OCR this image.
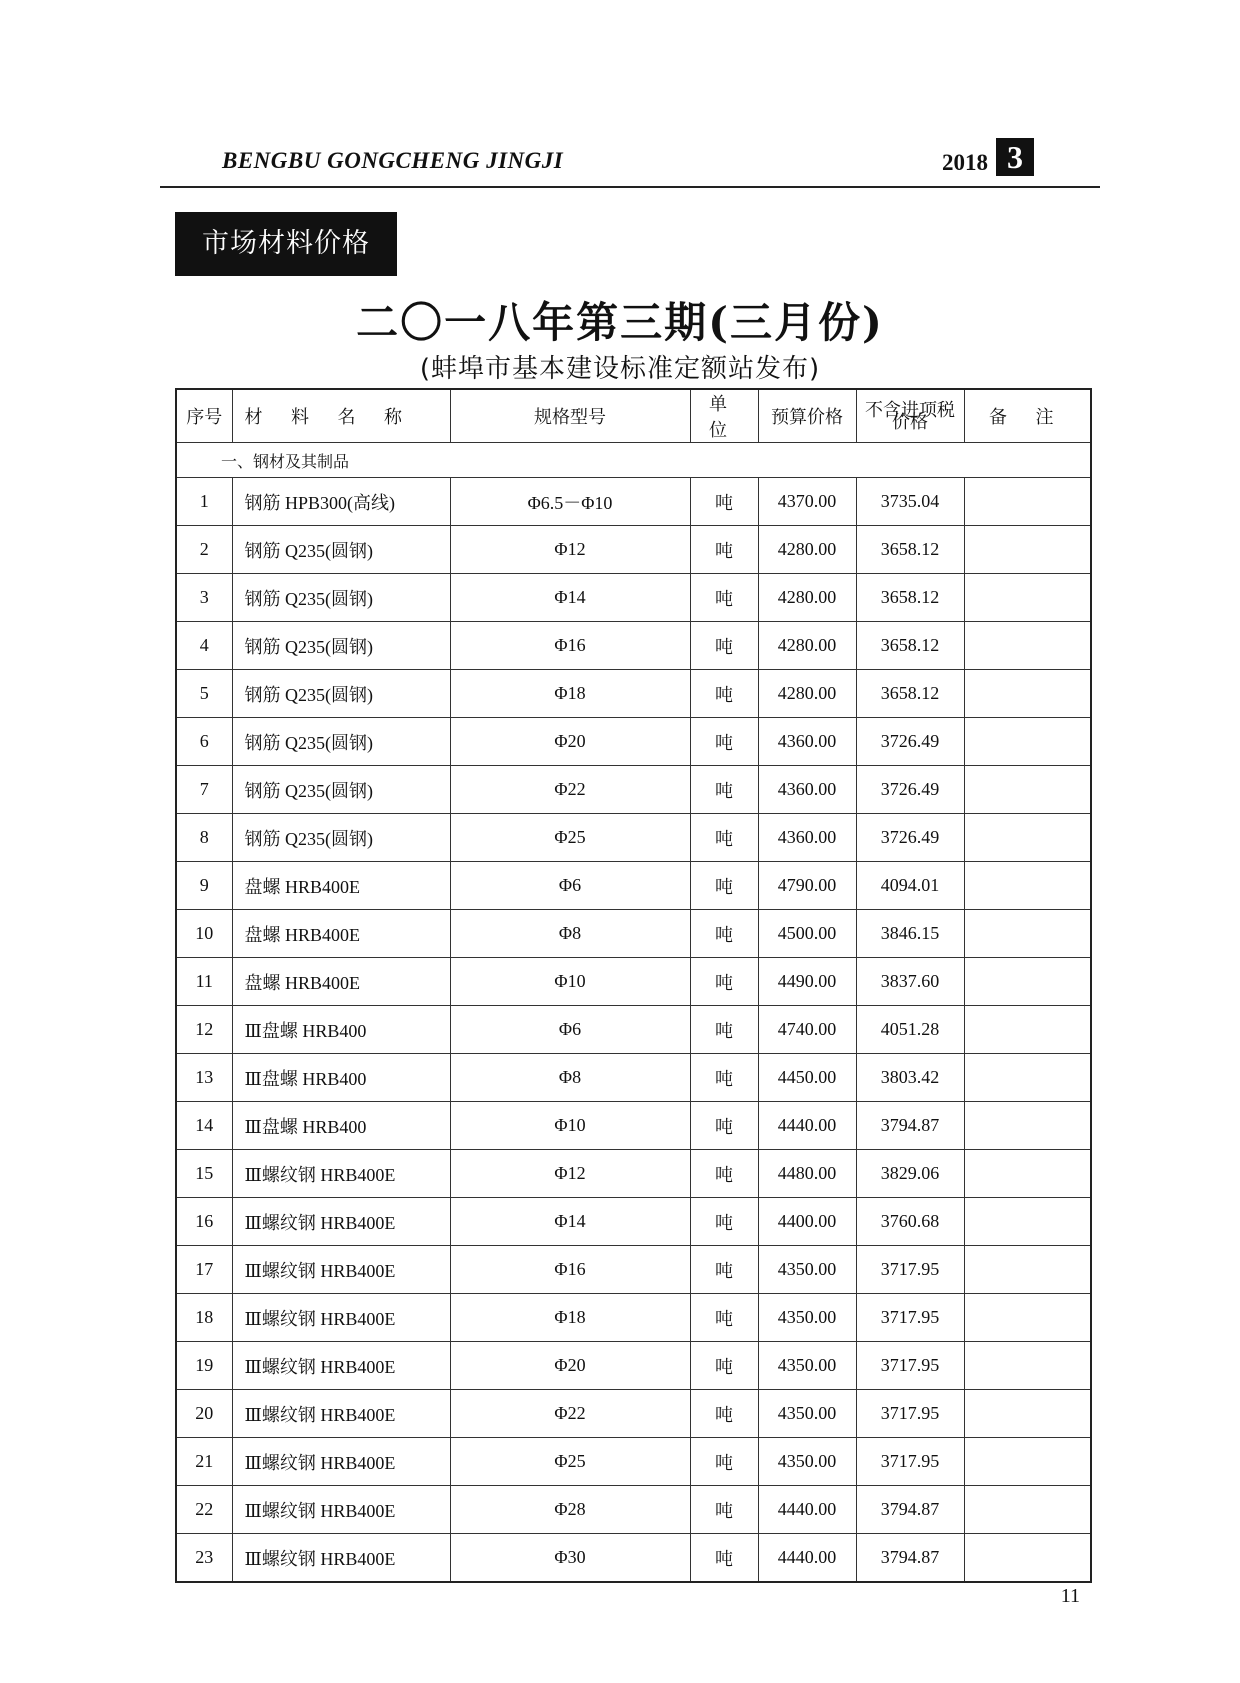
BENGBU GONGCHENG JINGJI	2018 3
市场材料价格
二〇一八年第三期(三月份)
(蚌埠市基本建设标准定额站发布)
序号	材 料 名 称	规格型号	单 位	预算价格	不含进项税价格	备 注
一、钢材及其制品						
1	钢筋 HPB300(高线)	Φ6.5－Φ10	吨	4370.00	3735.04	
2	钢筋 Q235(圆钢)	Φ12	吨	4280.00	3658.12	
3	钢筋 Q235(圆钢)	Φ14	吨	4280.00	3658.12	
4	钢筋 Q235(圆钢)	Φ16	吨	4280.00	3658.12	
5	钢筋 Q235(圆钢)	Φ18	吨	4280.00	3658.12	
6	钢筋 Q235(圆钢)	Φ20	吨	4360.00	3726.49	
7	钢筋 Q235(圆钢)	Φ22	吨	4360.00	3726.49	
8	钢筋 Q235(圆钢)	Φ25	吨	4360.00	3726.49	
9	盘螺 HRB400E	Φ6	吨	4790.00	4094.01	
10	盘螺 HRB400E	Φ8	吨	4500.00	3846.15	
11	盘螺 HRB400E	Φ10	吨	4490.00	3837.60	
12	Ⅲ盘螺 HRB400	Φ6	吨	4740.00	4051.28	
13	Ⅲ盘螺 HRB400	Φ8	吨	4450.00	3803.42	
14	Ⅲ盘螺 HRB400	Φ10	吨	4440.00	3794.87	
15	Ⅲ螺纹钢 HRB400E	Φ12	吨	4480.00	3829.06	
16	Ⅲ螺纹钢 HRB400E	Φ14	吨	4400.00	3760.68	
17	Ⅲ螺纹钢 HRB400E	Φ16	吨	4350.00	3717.95	
18	Ⅲ螺纹钢 HRB400E	Φ18	吨	4350.00	3717.95	
19	Ⅲ螺纹钢 HRB400E	Φ20	吨	4350.00	3717.95	
20	Ⅲ螺纹钢 HRB400E	Φ22	吨	4350.00	3717.95	
21	Ⅲ螺纹钢 HRB400E	Φ25	吨	4350.00	3717.95	
22	Ⅲ螺纹钢 HRB400E	Φ28	吨	4440.00	3794.87	
23	Ⅲ螺纹钢 HRB400E	Φ30	吨	4440.00	3794.87	
11
